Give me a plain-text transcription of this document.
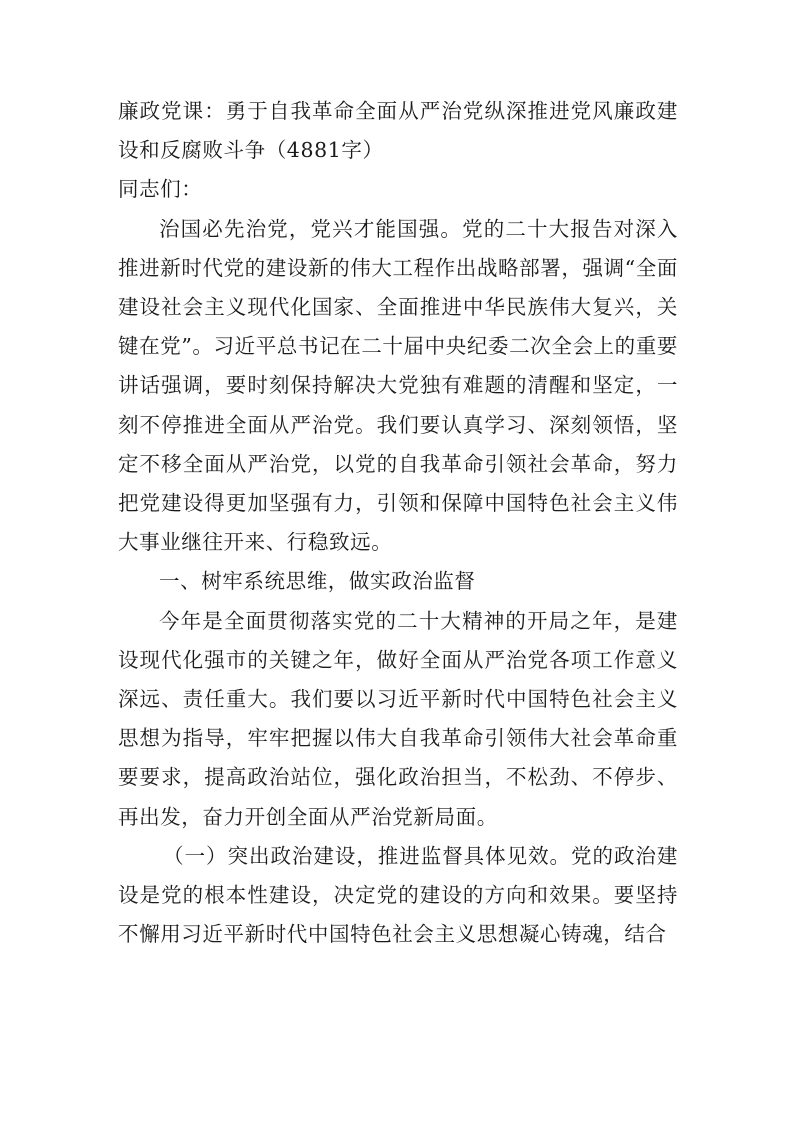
廉政党课：勇于自我革命全面从严治党纵深推进党风廉政建设和反腐败斗争（4881字）

同志们：

治国必先治党，党兴才能国强。党的二十大报告对深入推进新时代党的建设新的伟大工程作出战略部署，强调“全面建设社会主义现代化国家、全面推进中华民族伟大复兴，关键在党”。习近平总书记在二十届中央纪委二次全会上的重要讲话强调，要时刻保持解决大党独有难题的清醒和坚定，一刻不停推进全面从严治党。我们要认真学习、深刻领悟，坚定不移全面从严治党，以党的自我革命引领社会革命，努力把党建设得更加坚强有力，引领和保障中国特色社会主义伟大事业继往开来、行稳致远。

一、树牢系统思维，做实政治监督

今年是全面贯彻落实党的二十大精神的开局之年，是建设现代化强市的关键之年，做好全面从严治党各项工作意义深远、责任重大。我们要以习近平新时代中国特色社会主义思想为指导，牢牢把握以伟大自我革命引领伟大社会革命重要要求，提高政治站位，强化政治担当，不松劲、不停步、再出发，奋力开创全面从严治党新局面。

（一）突出政治建设，推进监督具体见效。党的政治建设是党的根本性建设，决定党的建设的方向和效果。要坚持不懈用习近平新时代中国特色社会主义思想凝心铸魂，结合
